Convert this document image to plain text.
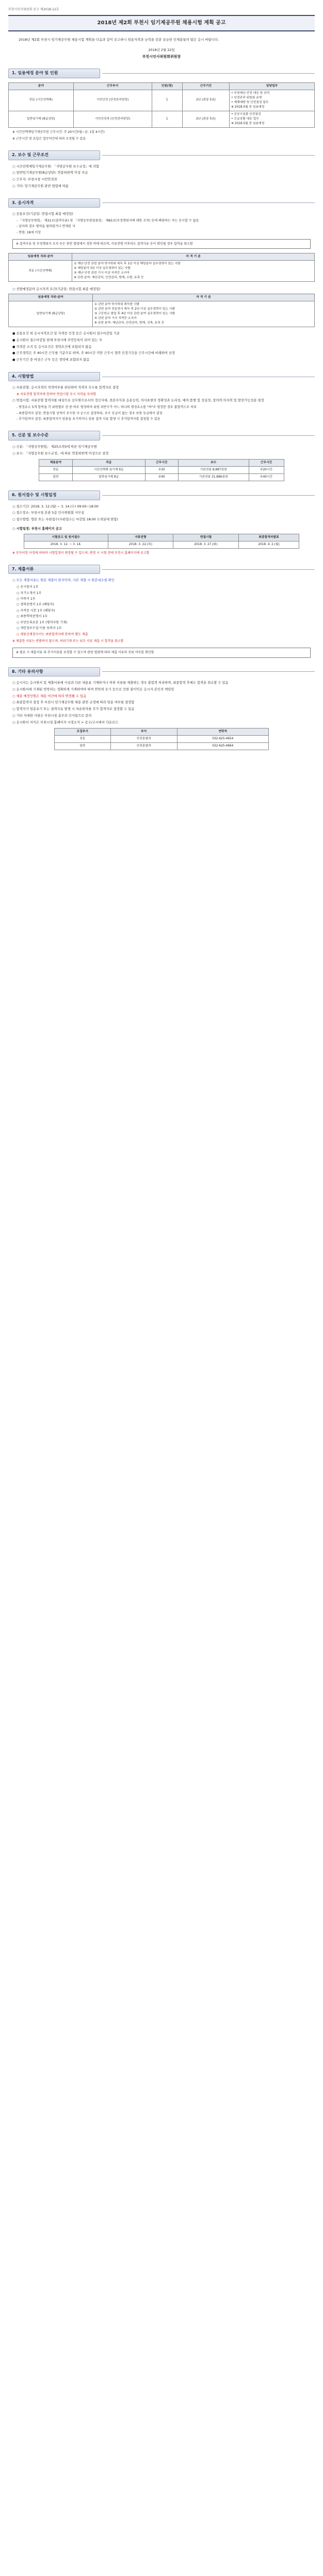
부천시인사위원회 공고 제2018-12호
2018년 제2회 부천시 임기제공무원 채용시험 계획 공고
2018년 제2회 부천시 임기제공무원 채용시험 계획을 다음과 같이 공고하니 임용자격과 능력을 갖춘 유능한 인재분들의 많은 응시 바랍니다.
2018년 2월 22일
부천시인사위원회위원장
1. 임용예정 분야 및 인원
분야	근무부서	인원(명)	근무기간	담당업무
전문 (시간선택제)	시민안전 (안전관리담당)	1	2년 (최장 5년)	• 부천재난·안전 대응 및 관리
• 안전관리 위원회 운영
• 재해예방 및 안전점검 업무
※ 2018.5월 중 임용예정
일반임기제 (8급상당)	시민안전과 (안전관리담당)	1	2년 (최장 5년)	• 공공시설물 안전점검
• 긴급상황 대응 업무
※ 2018.5월 중 임용예정
※ 시간선택제임기제공무원 근무시간: 주 20시간(월~금, 1일 4시간)
※ 근무시간 및 요일은 업무여건에 따라 조정될 수 있음
2. 보수 및 근무조건
○ 시간선택제임기제공무원: 「지방공무원 보수규정」에 의함
○ 일반임기제공무원(8급상당): 연봉하한액 이상 지급
○ 근무지: 부천시청 시민안전과
○ 기타: 임기제공무원 관련 법령에 따름
3. 응시자격
○ 공통요건(기준일: 면접시험 최종 예정일)
- 「지방공무원법」 제31조(결격사유) 및 「지방공무원임용령」 제65조(부정행위자에 대한 조치) 등에 해당하는 자는 응시할 수 없음
- 남자의 경우 병역을 필하였거나 면제된 자
- 연령: 18세 이상
※ 결격사유 및 부정행위자 조치 등은 관련 법령에서 정한 바에 따르며, 서류전형 이후라도 결격사유 등이 확인될 경우 합격을 취소함
임용예정 직위·분야	자 격 기 준
전문 (시간선택제)	① 재난·안전 관련 분야 학사학위 취득 후 1년 이상 해당분야 실무경력이 있는 사람
② 해당분야 3년 이상 실무경력이 있는 사람
③ 재난·안전 관련 기사 이상 자격증 소지자
※ 관련 분야: 재난관리, 안전관리, 방재, 소방, 토목 등
○ 선발예정분야 응시자격 요건(기준일: 면접시험 최종 예정일)
임용예정 직위·분야	자 격 기 준
일반임기제 (8급상당)	① 관련 분야 학사학위 취득한 사람
② 관련 분야 전문학사 취득 후 2년 이상 실무경력이 있는 사람
③ 고등학교 졸업 후 4년 이상 관련 분야 실무경력이 있는 사람
④ 관련 분야 기사 자격증 소지자
※ 관련 분야: 재난관리, 안전관리, 방재, 건축, 토목 등
● 공통요건 외 응시자격요건 및 자격증 인정 등은 응시원서 접수마감일 기준
● 응시원서 접수마감일 현재 부천시에 주민등록이 되어 있는 자
● 자격증 소지 등 응시요건은 경력요건에 포함되지 않음
● 근무경력은 주 40시간 근무를 기준으로 하며, 주 40시간 미만 근무시 경력 인정기간을 근무시간에 비례하여 산정
● 근무기간 중 비상근 근무 등은 경력에 포함되지 않음
4. 시험방법
○ 서류전형: 응시자격의 적격여부를 판단하여 적격자 모두를 합격자로 결정
※ 서류전형 합격자에 한하여 면접시험 응시 자격을 부여함
○ 면접시험: 서류전형 합격자를 대상으로 공무원으로서의 정신자세, 전문지식과 응용능력, 의사표현의 정확성과 논리성, 예의·품행 및 성실성, 창의력·의지력 및 발전가능성을 평정
- 평정요소 5개 항목을 각 위원별로 상·중·하로 평정하며 위원 과반수가 어느 하나의 평정요소를 "하"로 평정한 경우 불합격으로 처리
- 최종합격자 결정: 면접시험 성적이 우수한 자 순으로 결정하되, 우수 등급이 없는 경우 보통 등급에서 결정
- 추가합격자 결정: 최종합격자가 임용을 포기하거나 임용 결격 사유 발생 시 추가합격자를 결정할 수 있음
5. 신분 및 보수수준
○ 신분: 「지방공무원법」 제25조의5에 따른 임기제공무원
○ 보수: 「지방공무원 보수규정」에 따른 연봉하한액 이상으로 결정
채용분야	직급	근무시간	보수	근무시간
전문	시간선택제 임기제 9급	주20	기본연봉 8,887천원	주20시간
일반	일반임기제 8급	주40	기본연봉 31,886천원	주40시간
6. 원서접수 및 시험일정
○ 접수기간: 2018. 3. 12.(월) ~ 3. 14.(수) 09:00~18:00
○ 접수장소: 부천시청 본관 5층 인사위원회 사무실
○ 접수방법: 방문 또는 우편접수(우편접수는 마감일 18:00 도착분에 한함)
○ 시험일정: 부천시 홈페이지 공고
시험공고 및 원서접수	서류전형	면접시험	최종합격자발표
2018. 3. 12. ~ 3. 14.	2018. 3. 22.(목)	2018. 3. 27.(화)	2018. 4. 2.(월)
※ 부득이한 사정에 의하여 시험일정이 변경될 수 있으며, 변경 시 시험 전에 부천시 홈페이지에 공고함
7. 제출서류
○ 모든 제출서류는 원본 제출이 원칙이며, 사본 제출 시 원본대조필 확인
○ 응시원서 1부
○ 자기소개서 1부
○ 이력서 1부
○ 경력증명서 1부 (해당자)
○ 자격증 사본 1부 (해당자)
○ 최종학력증명서 1부
○ 주민등록초본 1부 (병역사항 기재)
○ 개인정보수집·이용 동의서 1부
○ 채용신체검사서는 최종합격자에 한하여 별도 제출
※ 제출한 서류는 반환하지 않으며, 허위기재 또는 위조 서류 제출 시 합격을 취소함
※ 필요 시 제출서류 외 추가서류를 요청할 수 있으며 관련 법령에 따라 제출 서류의 진위 여부를 확인함
8. 기타 유의사항
○ 응시자는 응시원서 및 제출서류에 사실과 다른 내용을 기재하거나 허위 서류를 제출하는 경우 불합격 처리하며, 최종합격 후에도 합격을 취소할 수 있음
○ 응시원서에 기재된 연락처는 정확하게 기재하여야 하며 연락처 오기 등으로 인한 불이익은 응시자 본인의 책임임
○ 채용 예정인원은 채용 여건에 따라 변경될 수 있음
○ 최종합격자 결정 후 부천시 임기제공무원 채용 관련 규정에 따라 임용 여부를 결정함
○ 합격자가 임용포기 또는 결격사유 발생 시 차순위자를 추가 합격자로 결정할 수 있음
○ 기타 자세한 사항은 부천시청 총무과 인사팀으로 문의
○ 응시원서 서식은 부천시청 홈페이지 시정소식 > 공고/고시에서 다운로드
모집부서	부서	연락처
전문	안전총괄과	032-625-4654
일반	안전총괄과	032-625-4664
